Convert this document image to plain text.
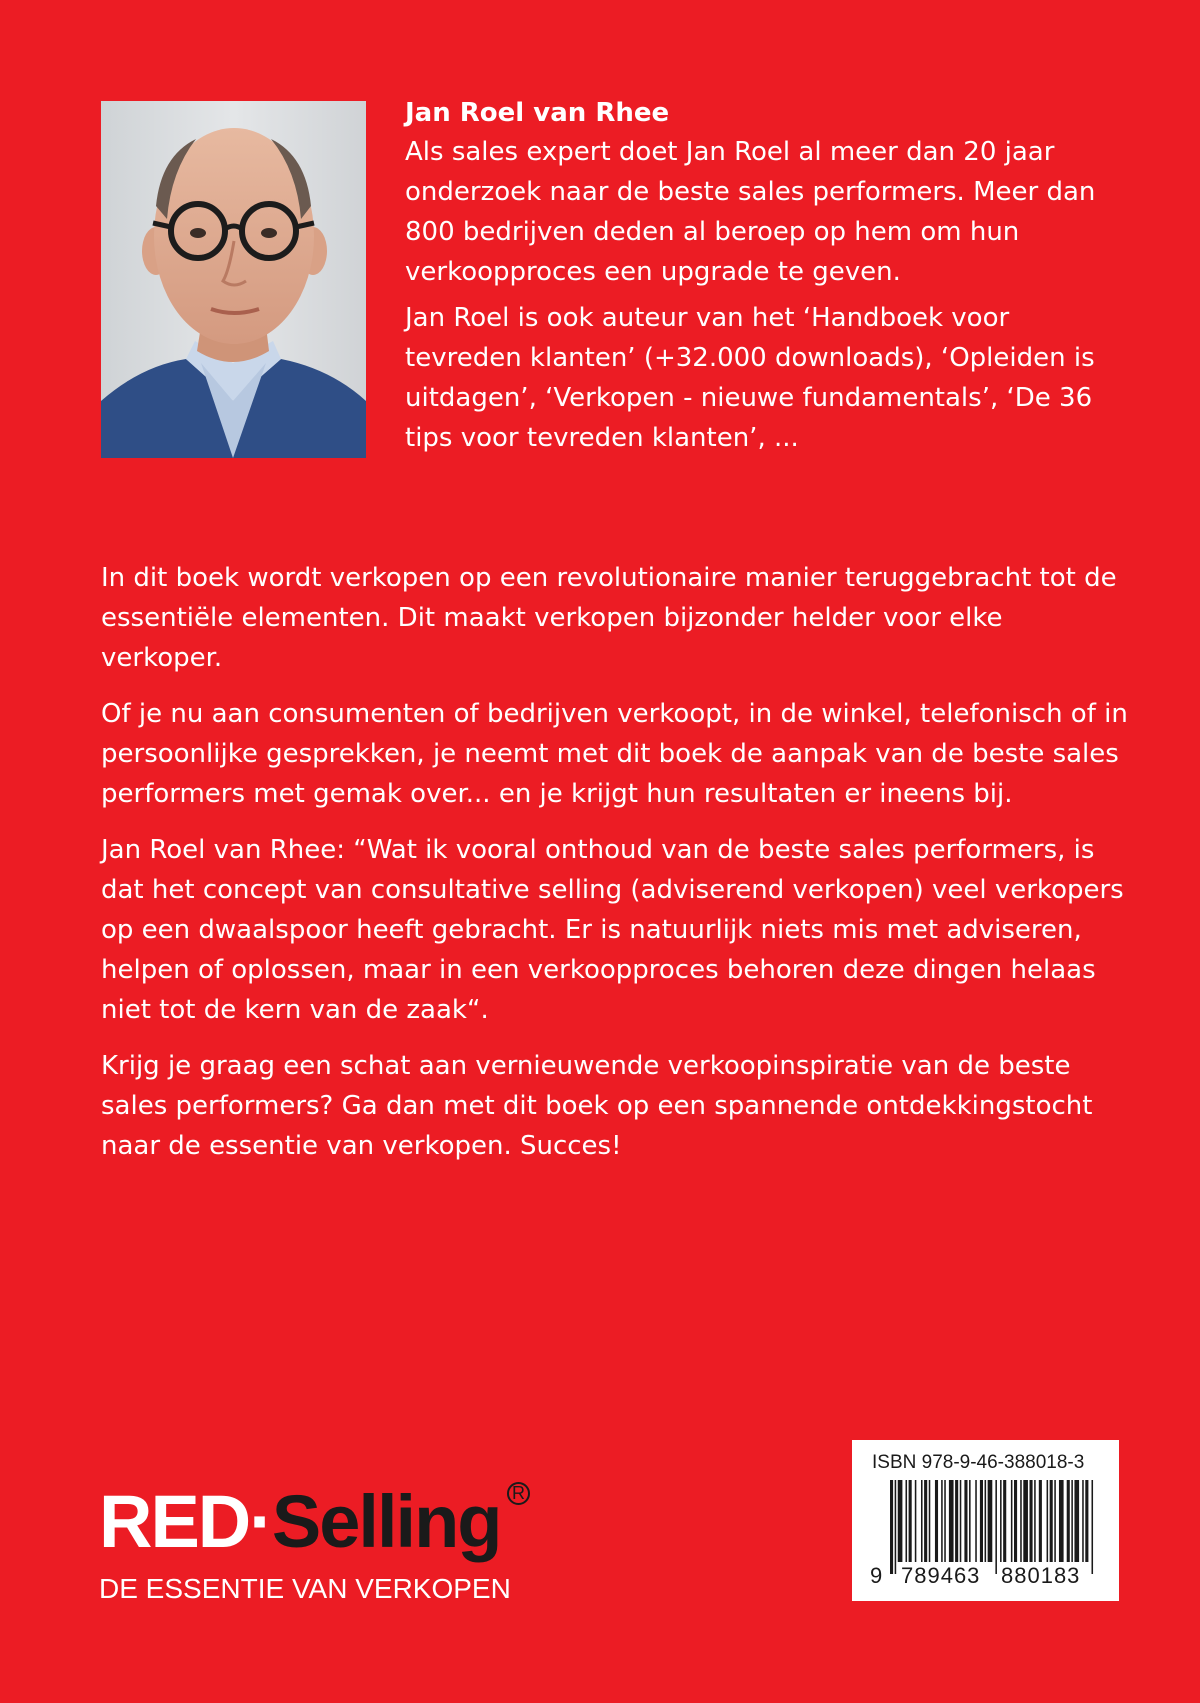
Jan Roel van Rhee

Als sales expert doet Jan Roel al meer dan 20 jaar onderzoek naar de beste sales performers. Meer dan 800 bedrijven deden al beroep op hem om hun verkoopproces een upgrade te geven.

Jan Roel is ook auteur van het ‘Handboek voor tevreden klanten’ (+32.000 downloads), ‘Opleiden is uitdagen’, ‘Verkopen - nieuwe fundamentals’, ‘De 36 tips voor tevreden klanten’, ...

In dit boek wordt verkopen op een revolutionaire manier teruggebracht tot de essentiële elementen. Dit maakt verkopen bijzonder helder voor elke verkoper.

Of je nu aan consumenten of bedrijven verkoopt, in de winkel, telefonisch of in persoonlijke gesprekken, je neemt met dit boek de aanpak van de beste sales performers met gemak over... en je krijgt hun resultaten er ineens bij.

Jan Roel van Rhee: “Wat ik vooral onthoud van de beste sales performers, is dat het concept van consultative selling (adviserend verkopen) veel verkopers op een dwaalspoor heeft gebracht. Er is natuurlijk niets mis met adviseren, helpen of oplossen, maar in een verkoopproces behoren deze dingen helaas niet tot de kern van de zaak“.

Krijg je graag een schat aan vernieuwende verkoopinspiratie van de beste sales performers? Ga dan met dit boek op een spannende ontdekkingstocht naar de essentie van verkopen. Succes!

RED·Selling R
DE ESSENTIE VAN VERKOPEN
ISBN 978-9-46-388018-3
9 789463 880183
